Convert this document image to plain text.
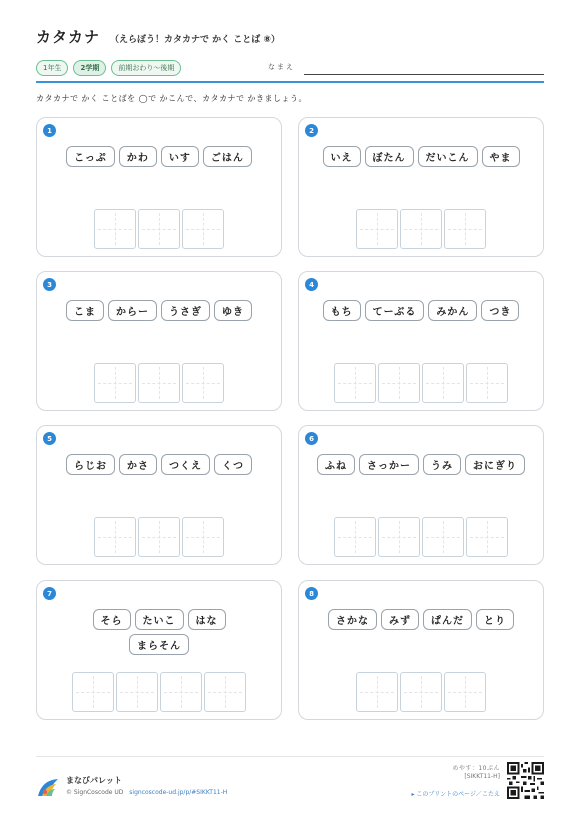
カタカナ （えらぼう！カタカナで かく ことば ⑧）
1年生	2学期	前期おわり～後期	なまえ
カタカナで かく ことばを ◯で かこんで、カタカナで かきましょう。
1
こっぷ	かわ	いす	ごはん
2
いえ	ぼたん	だいこん	やま
3
こま	からー	うさぎ	ゆき
4
もち	てーぶる	みかん	つき
5
らじお	かさ	つくえ	くつ
6
ふね	さっかー	うみ	おにぎり
7
そら	たいこ	はな
まらそん
8
さかな	みず	ぱんだ	とり
まなびパレット
© SignCoscode UD signcoscode-ud.jp/p/#SIKKT11-H
めやす：10ぷん
[SIKKT11-H]
▸ このプリントのページ／こたえ
